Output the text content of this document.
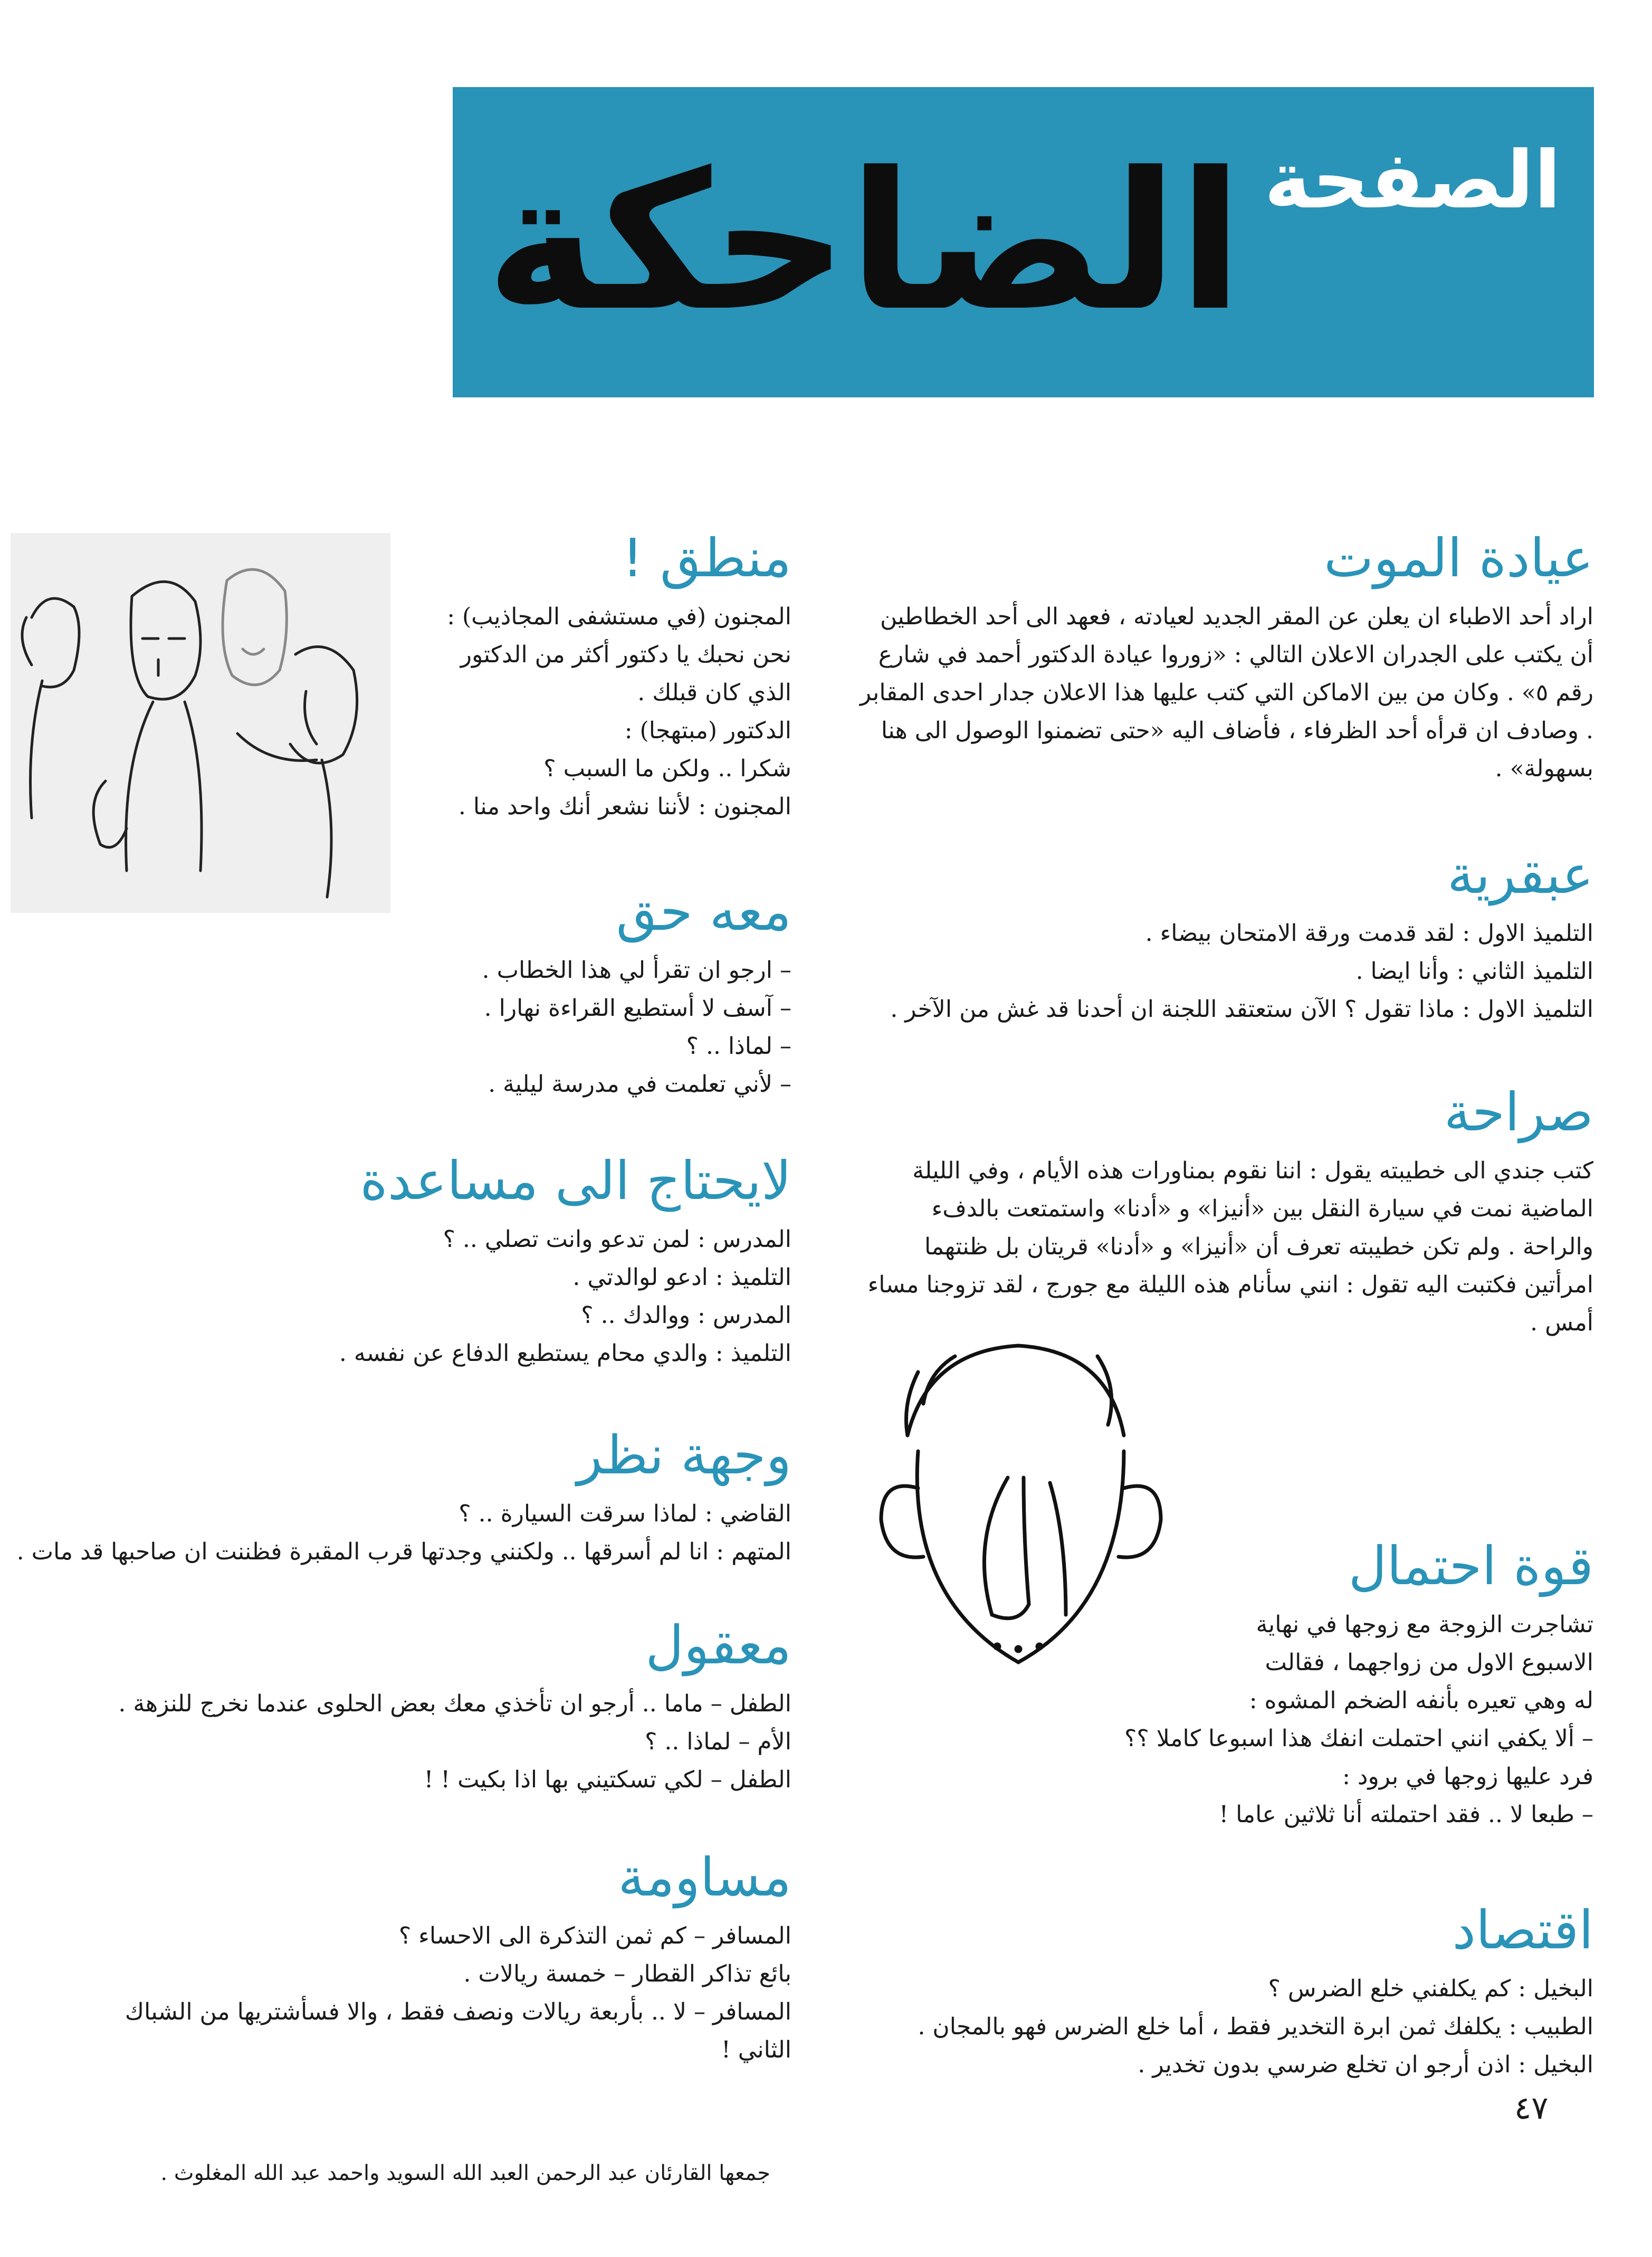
الصفحة
الضاحكة
عيادة الموت

اراد أحد الاطباء ان يعلن عن المقر الجديد لعيادته ، فعهد الى أحد الخطاطين أن يكتب على الجدران الاعلان التالي : «زوروا عيادة الدكتور أحمد في شارع رقم ٥» . وكان من بين الاماكن التي كتب عليها هذا الاعلان جدار احدى المقابر . وصادف ان قرأه أحد الظرفاء ، فأضاف اليه «حتى تضمنوا الوصول الى هنا بسهولة» .

عبقرية

التلميذ الاول : لقد قدمت ورقة الامتحان بيضاء .

التلميذ الثاني : وأنا ايضا .

التلميذ الاول : ماذا تقول ؟ الآن ستعتقد اللجنة ان أحدنا قد غش من الآخر .

صراحة

كتب جندي الى خطيبته يقول : اننا نقوم بمناورات هذه الأيام ، وفي الليلة الماضية نمت في سيارة النقل بين «أنيزا» و «أدنا» واستمتعت بالدفء والراحة . ولم تكن خطيبته تعرف أن «أنيزا» و «أدنا» قريتان بل ظنتهما امرأتين فكتبت اليه تقول : انني سأنام هذه الليلة مع جورج ، لقد تزوجنا مساء أمس .

قوة احتمال

تشاجرت الزوجة مع زوجها في نهاية

الاسبوع الاول من زواجهما ، فقالت

له وهي تعيره بأنفه الضخم المشوه :

– ألا يكفي انني احتملت انفك هذا اسبوعا كاملا ؟؟

فرد عليها زوجها في برود :

– طبعا لا .. فقد احتملته أنا ثلاثين عاما !

اقتصاد

البخيل : كم يكلفني خلع الضرس ؟

الطبيب : يكلفك ثمن ابرة التخدير فقط ، أما خلع الضرس فهو بالمجان .

البخيل : اذن أرجو ان تخلع ضرسي بدون تخدير .

منطق !

المجنون (في مستشفى المجاذيب) :

نحن نحبك يا دكتور أكثر من الدكتور

الذي كان قبلك .

الدكتور (مبتهجا) :

شكرا .. ولكن ما السبب ؟

المجنون : لأننا نشعر أنك واحد منا .

معه حق

– ارجو ان تقرأ لي هذا الخطاب .

– آسف لا أستطيع القراءة نهارا .

– لماذا .. ؟

– لأني تعلمت في مدرسة ليلية .

لايحتاج الى مساعدة

المدرس : لمن تدعو وانت تصلي .. ؟

التلميذ : ادعو لوالدتي .

المدرس : ووالدك .. ؟

التلميذ : والدي محام يستطيع الدفاع عن نفسه .

وجهة نظر

القاضي : لماذا سرقت السيارة .. ؟

المتهم : انا لم أسرقها .. ولكنني وجدتها قرب المقبرة فظننت ان صاحبها قد مات .

معقول

الطفل – ماما .. أرجو ان تأخذي معك بعض الحلوى عندما نخرج للنزهة .

الأم – لماذا .. ؟

الطفل – لكي تسكتيني بها اذا بكيت ! !

مساومة

المسافر – كم ثمن التذكرة الى الاحساء ؟

بائع تذاكر القطار – خمسة ريالات .

المسافر – لا .. بأربعة ريالات ونصف فقط ، والا فسأشتريها من الشباك

الثاني !

٤٧
جمعها القارئان عبد الرحمن العبد الله السويد واحمد عبد الله المغلوث .
